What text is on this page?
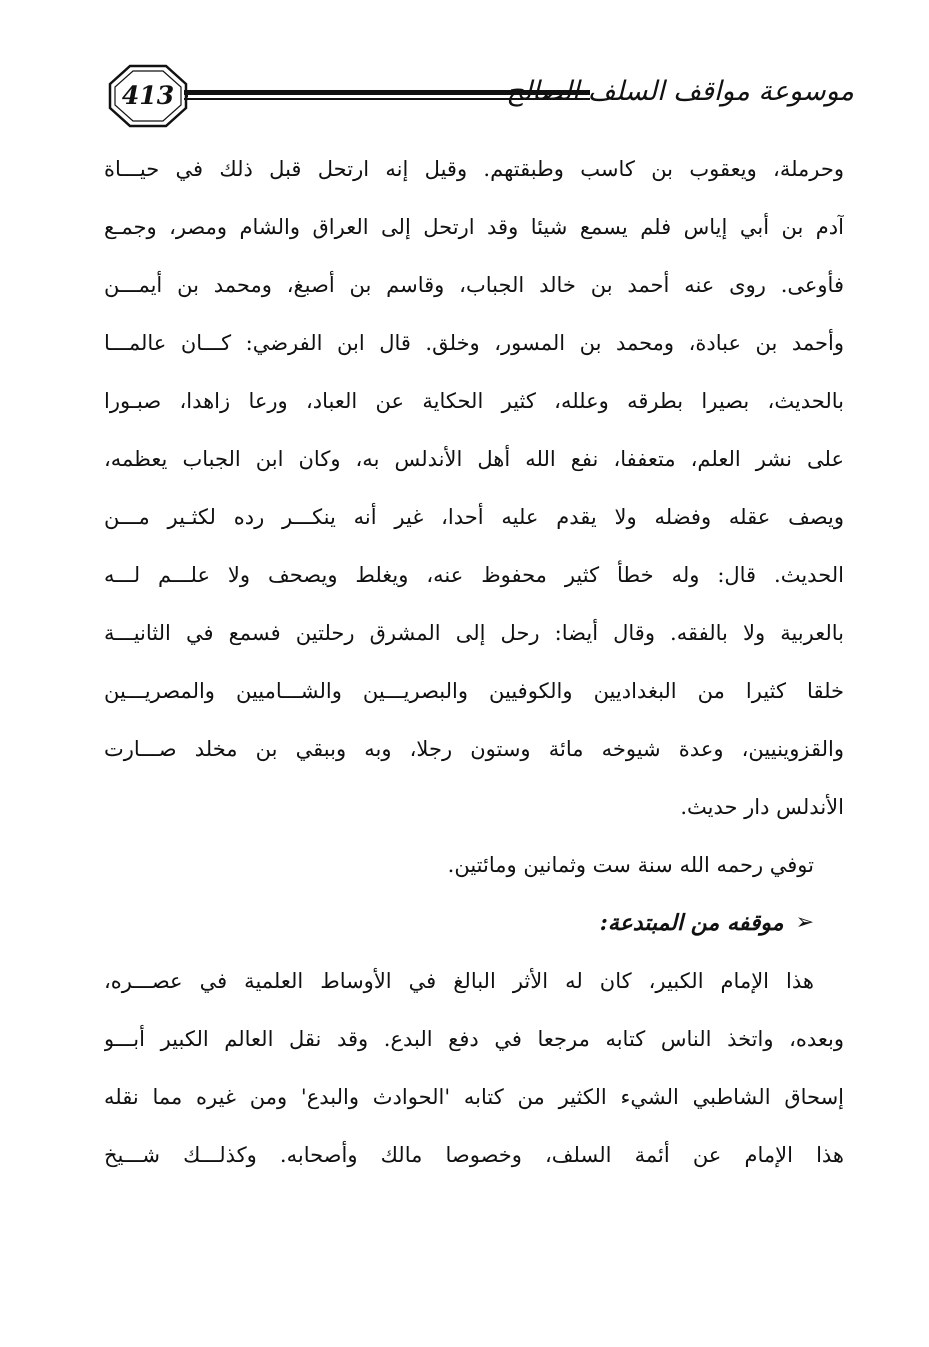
413	موسوعة مواقف السلف الصالح
وحرملة، ويعقوب بن كاسب وطبقتهم. وقيل إنه ارتحل قبل ذلك في حيـــاة
آدم بن أبي إياس فلم يسمع شيئا وقد ارتحل إلى العراق والشام ومصر، وجمـع
فأوعى. روى عنه أحمد بن خالد الجباب، وقاسم بن أصبغ، ومحمد بن أيمـــن
وأحمد بن عبادة، ومحمد بن المسور، وخلق. قال ابن الفرضي: كـــان عالمـــا
بالحديث، بصيرا بطرقه وعلله، كثير الحكاية عن العباد، ورعا زاهدا، صبـورا
على نشر العلم، متعففا، نفع الله أهل الأندلس به، وكان ابن الجباب يعظمه،
ويصف عقله وفضله ولا يقدم عليه أحدا، غير أنه ينكـــر رده لكثـير مـــن
الحديث. قال: وله خطأ كثير محفوظ عنه، ويغلط ويصحف ولا علـــم لـــه
بالعربية ولا بالفقه. وقال أيضا: رحل إلى المشرق رحلتين فسمع في الثانيـــة
خلقا كثيرا من البغداديين والكوفيين والبصريـــين والشـــاميين والمصريـــين
والقزوينيين، وعدة شيوخه مائة وستون رجلا، وبه وببقي بن مخلد صـــارت
الأندلس دار حديث.
توفي رحمه الله سنة ست وثمانين ومائتين.
➢
موقفه من المبتدعة:
هذا الإمام الكبير، كان له الأثر البالغ في الأوساط العلمية في عصـــره،
وبعده، واتخذ الناس كتابه مرجعا في دفع البدع. وقد نقل العالم الكبير أبـــو
إسحاق الشاطبي الشيء الكثير من كتابه 'الحوادث والبدع' ومن غيره مما نقله
هذا الإمام عن أئمة السلف، وخصوصا مالك وأصحابه. وكذلـــك شـــيخ
